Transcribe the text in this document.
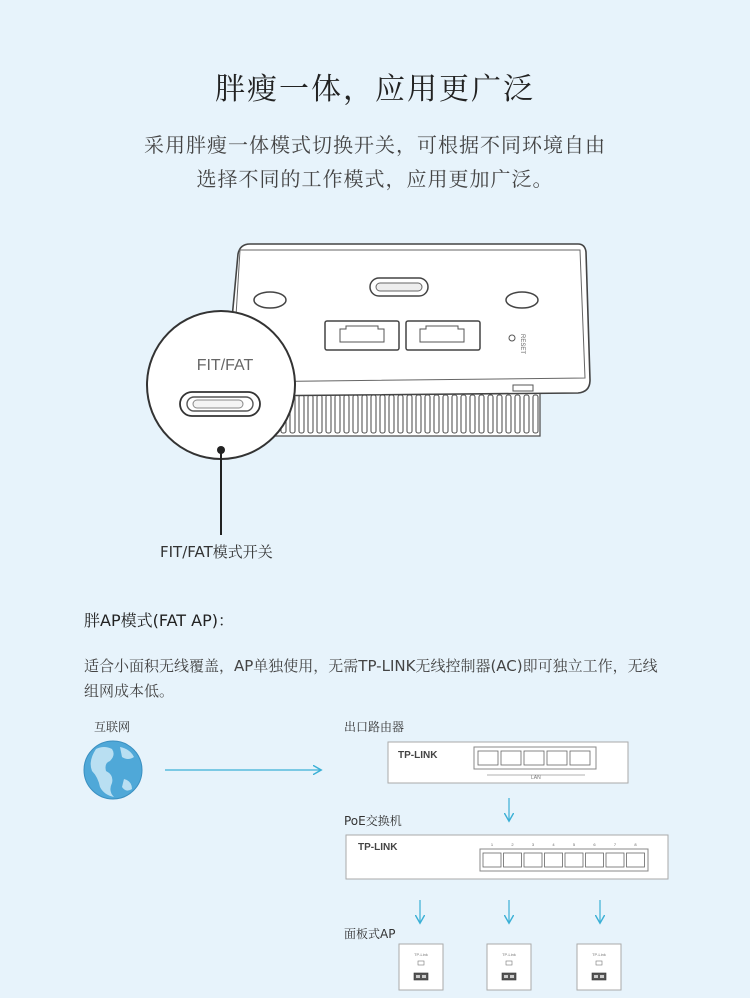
胖瘦一体，应用更广泛
采用胖瘦一体模式切换开关，可根据不同环境自由
选择不同的工作模式，应用更加广泛。
RESET
FIT/FAT
FIT/FAT模式开关
胖AP模式(FAT AP)：
适合小面积无线覆盖，AP单独使用，无需TP-LINK无线控制器(AC)即可独立工作，无线组网成本低。
互联网	出口路由器
PoE交换机
面板式AP
TP-LINK
LAN
TP-LINK	1	2	3	4	5	6	7	8
TP-Link	TP-Link	TP-Link
